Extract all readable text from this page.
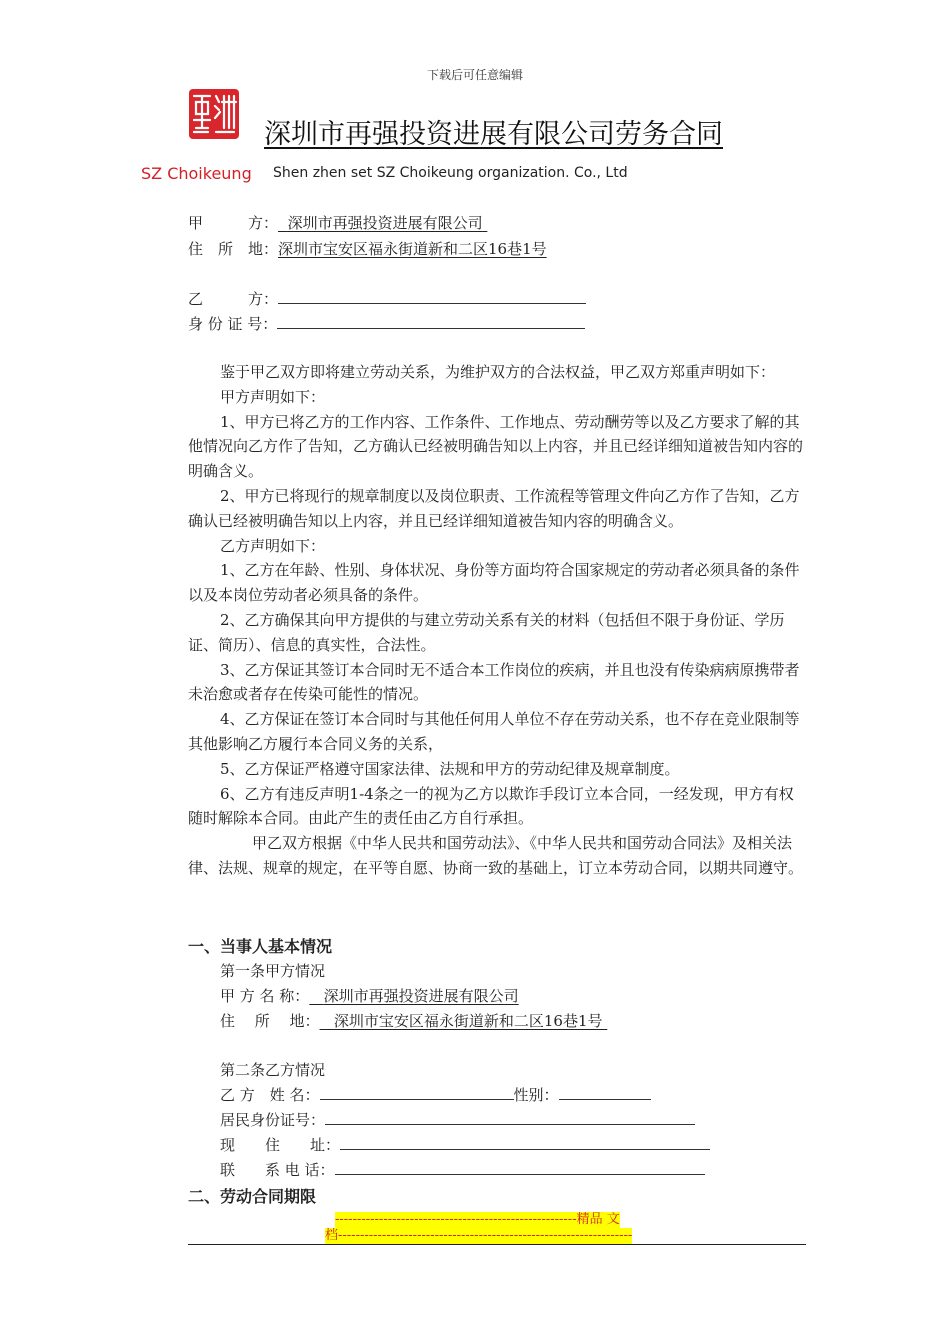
下载后可任意编辑
深圳市再强投资进展有限公司劳务合同
SZ Choikeung Shen zhen set SZ Choikeung organization. Co., Ltd
甲　　　方： 深圳市再强投资进展有限公司
住　所　地：深圳市宝安区福永街道新和二区16巷1号
乙　　　方：
身 份 证 号：

鉴于甲乙双方即将建立劳动关系，为维护双方的合法权益，甲乙双方郑重声明如下：

甲方声明如下：

1、甲方已将乙方的工作内容、工作条件、工作地点、劳动酬劳等以及乙方要求了解的其他情况向乙方作了告知，乙方确认已经被明确告知以上内容，并且已经详细知道被告知内容的明确含义。

2、甲方已将现行的规章制度以及岗位职责、工作流程等管理文件向乙方作了告知，乙方确认已经被明确告知以上内容，并且已经详细知道被告知内容的明确含义。

乙方声明如下：

1、乙方在年龄、性别、身体状况、身份等方面均符合国家规定的劳动者必须具备的条件以及本岗位劳动者必须具备的条件。

2、乙方确保其向甲方提供的与建立劳动关系有关的材料（包括但不限于身份证、学历证、简历）、信息的真实性，合法性。

3、乙方保证其签订本合同时无不适合本工作岗位的疾病，并且也没有传染病病原携带者未治愈或者存在传染可能性的情况。

4、乙方保证在签订本合同时与其他任何用人单位不存在劳动关系，也不存在竞业限制等其他影响乙方履行本合同义务的关系，

5、乙方保证严格遵守国家法律、法规和甲方的劳动纪律及规章制度。

6、乙方有违反声明1-4条之一的视为乙方以欺诈手段订立本合同，一经发现，甲方有权随时解除本合同。由此产生的责任由乙方自行承担。

甲乙双方根据《中华人民共和国劳动法》、《中华人民共和国劳动合同法》及相关法律、法规、规章的规定，在平等自愿、协商一致的基础上，订立本劳动合同，以期共同遵守。

一、当事人基本情况
第一条甲方情况
甲 方 名 称： 深圳市再强投资进展有限公司
住　 所　 地： 深圳市宝安区福永街道新和二区16巷1号
第二条乙方情况
乙 方　姓 名：	性别：
居民身份证号：
现　　住　　址：
联　　系 电 话：
二、劳动合同期限
-------------------------------------------------------精品 文
档-------------------------------------------------------------------
